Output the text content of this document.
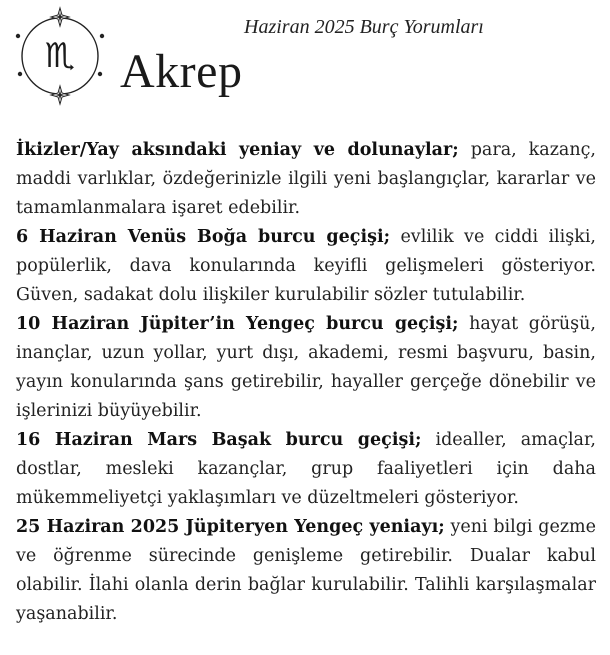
♏
Haziran 2025 Burç Yorumları
Akrep

İkizler/Yay aksındaki yeniay ve dolunaylar; para, kazanç, maddi varlıklar, özdeğerinizle ilgili yeni başlangıçlar, kararlar ve tamamlanmalara işaret edebilir.

6 Haziran Venüs Boğa burcu geçişi; evlilik ve ciddi ilişki, popülerlik, dava konularında keyifli gelişmeleri gösteriyor. Güven, sadakat dolu ilişkiler kurulabilir sözler tutulabilir.

10 Haziran Jüpiter’in Yengeç burcu geçişi; hayat görüşü, inançlar, uzun yollar, yurt dışı, akademi, resmi başvuru, basin, yayın konularında şans getirebilir, hayaller gerçeğe dönebilir ve işlerinizi büyüyebilir.

16 Haziran Mars Başak burcu geçişi; idealler, amaçlar, dostlar, mesleki kazançlar, grup faaliyetleri için daha mükemmeliyetçi yaklaşımları ve düzeltmeleri gösteriyor.

25 Haziran 2025 Jüpiteryen Yengeç yeniayı; yeni bilgi gezme ve öğrenme sürecinde genişleme getirebilir. Dualar kabul olabilir. İlahi olanla derin bağlar kurulabilir. Talihli karşılaşmalar yaşanabilir.
